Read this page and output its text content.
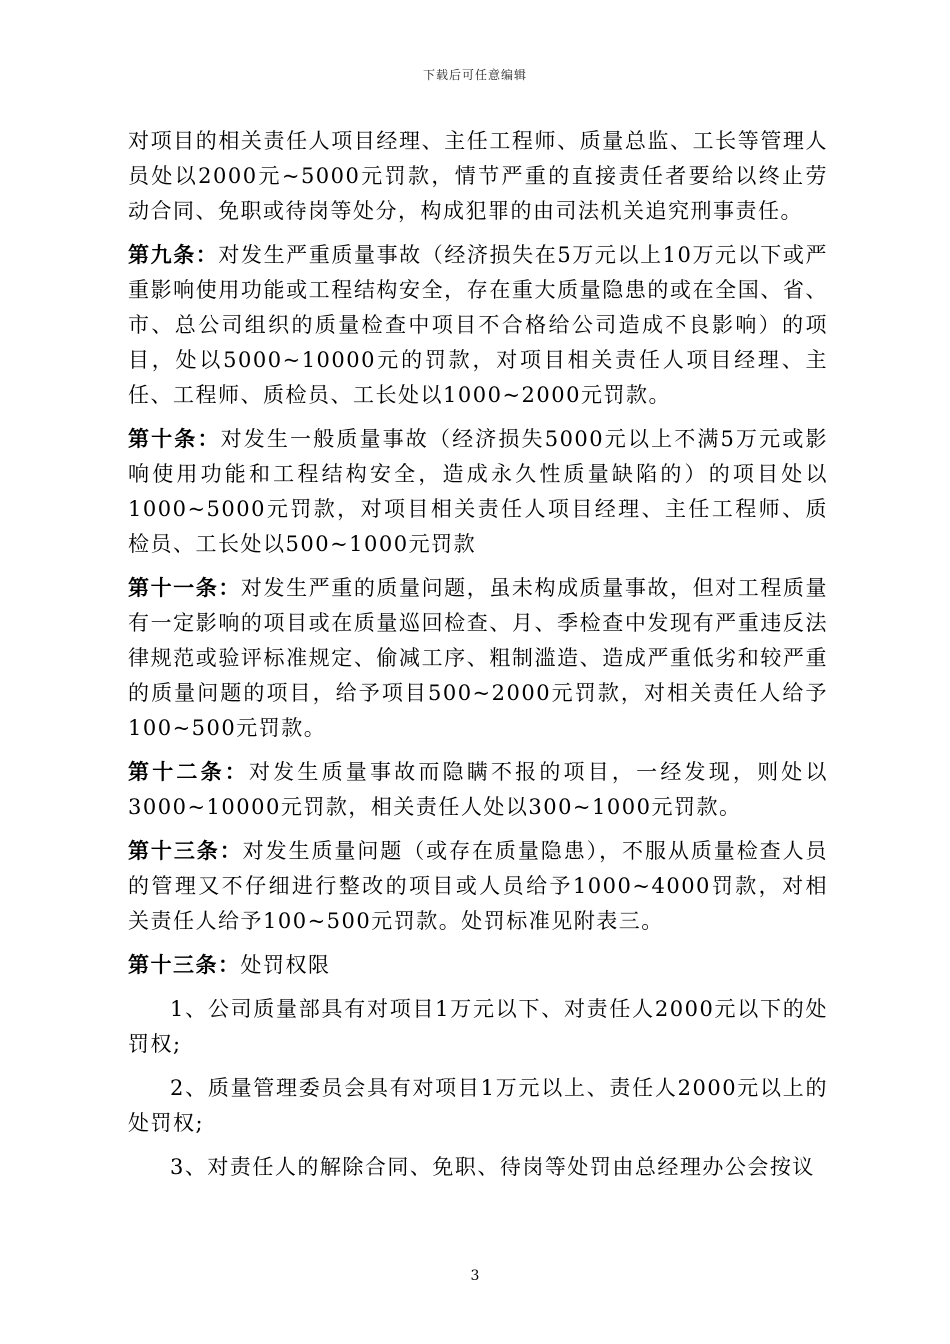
下载后可任意编辑

对项目的相关责任人项目经理、主任工程师、质量总监、工长等管理人员处以2000元~5000元罚款，情节严重的直接责任者要给以终止劳动合同、免职或待岗等处分，构成犯罪的由司法机关追究刑事责任。

第九条：对发生严重质量事故（经济损失在5万元以上10万元以下或严重影响使用功能或工程结构安全，存在重大质量隐患的或在全国、省、市、总公司组织的质量检查中项目不合格给公司造成不良影响）的项目，处以5000~10000元的罚款，对项目相关责任人项目经理、主任、工程师、质检员、工长处以1000~2000元罚款。

第十条：对发生一般质量事故（经济损失5000元以上不满5万元或影响使用功能和工程结构安全，造成永久性质量缺陷的）的项目处以1000~5000元罚款，对项目相关责任人项目经理、主任工程师、质检员、工长处以500~1000元罚款

第十一条：对发生严重的质量问题，虽未构成质量事故，但对工程质量有一定影响的项目或在质量巡回检查、月、季检查中发现有严重违反法律规范或验评标准规定、偷减工序、粗制滥造、造成严重低劣和较严重的质量问题的项目，给予项目500~2000元罚款，对相关责任人给予100~500元罚款。

第十二条：对发生质量事故而隐瞒不报的项目，一经发现，则处以3000~10000元罚款，相关责任人处以300~1000元罚款。

第十三条：对发生质量问题（或存在质量隐患），不服从质量检查人员的管理又不仔细进行整改的项目或人员给予1000~4000罚款，对相关责任人给予100~500元罚款。处罚标准见附表三。

第十三条：处罚权限

1、公司质量部具有对项目1万元以下、对责任人2000元以下的处罚权;

2、质量管理委员会具有对项目1万元以上、责任人2000元以上的处罚权;

3、对责任人的解除合同、免职、待岗等处罚由总经理办公会按议

3
